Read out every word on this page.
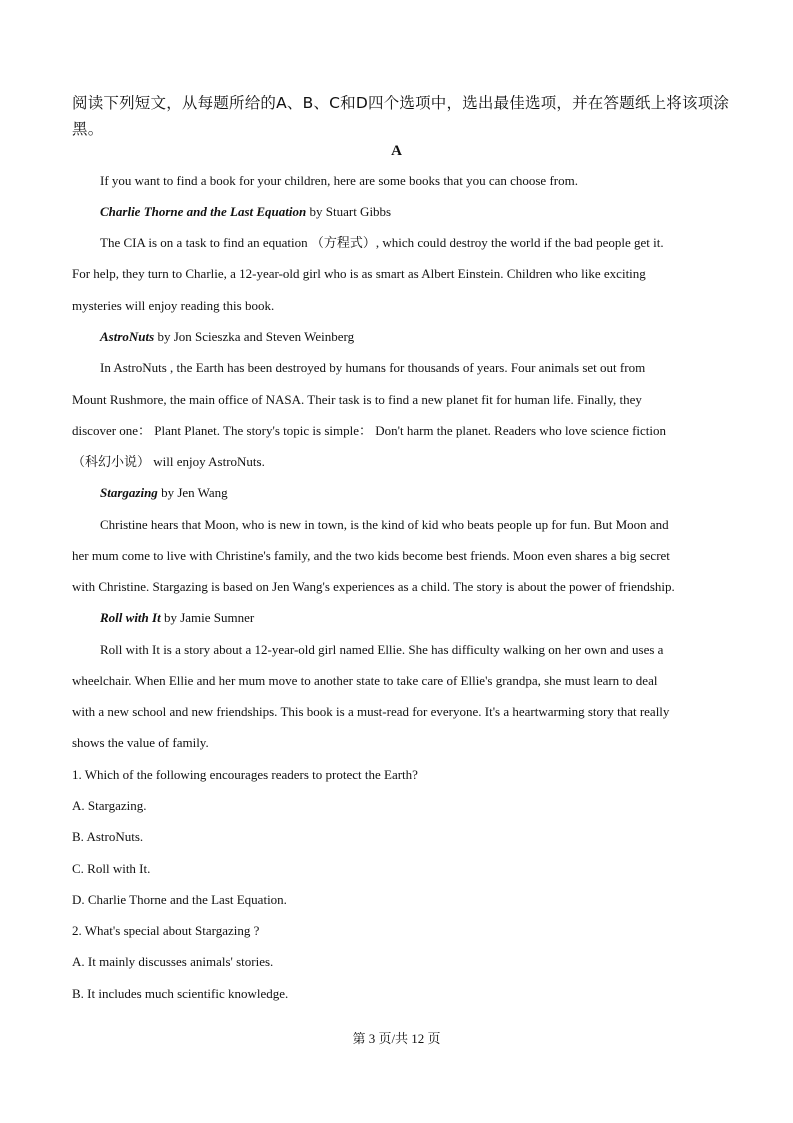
阅读下列短文，从每题所给的A、B、C和D四个选项中，选出最佳选项，并在答题纸上将该项涂黑。
A
If you want to find a book for your children, here are some books that you can choose from.
Charlie Thorne and the Last Equation by Stuart Gibbs
The CIA is on a task to find an equation （方程式）, which could destroy the world if the bad people get it.
For help, they turn to Charlie, a 12-year-old girl who is as smart as Albert Einstein. Children who like exciting
mysteries will enjoy reading this book.
AstroNuts by Jon Scieszka and Steven Weinberg
In AstroNuts , the Earth has been destroyed by humans for thousands of years. Four animals set out from
Mount Rushmore, the main office of NASA. Their task is to find a new planet fit for human life. Finally, they
discover one： Plant Planet. The story's topic is simple： Don't harm the planet. Readers who love science fiction
（科幻小说） will enjoy AstroNuts.
Stargazing by Jen Wang
Christine hears that Moon, who is new in town, is the kind of kid who beats people up for fun. But Moon and
her mum come to live with Christine's family, and the two kids become best friends. Moon even shares a big secret
with Christine. Stargazing is based on Jen Wang's experiences as a child. The story is about the power of friendship.
Roll with It by Jamie Sumner
Roll with It is a story about a 12-year-old girl named Ellie. She has difficulty walking on her own and uses a
wheelchair. When Ellie and her mum move to another state to take care of Ellie's grandpa, she must learn to deal
with a new school and new friendships. This book is a must-read for everyone. It's a heartwarming story that really
shows the value of family.
1. Which of the following encourages readers to protect the Earth?
A. Stargazing.
B. AstroNuts.
C. Roll with It.
D. Charlie Thorne and the Last Equation.
2. What's special about Stargazing ?
A. It mainly discusses animals' stories.
B. It includes much scientific knowledge.
第 3 页/共 12 页
